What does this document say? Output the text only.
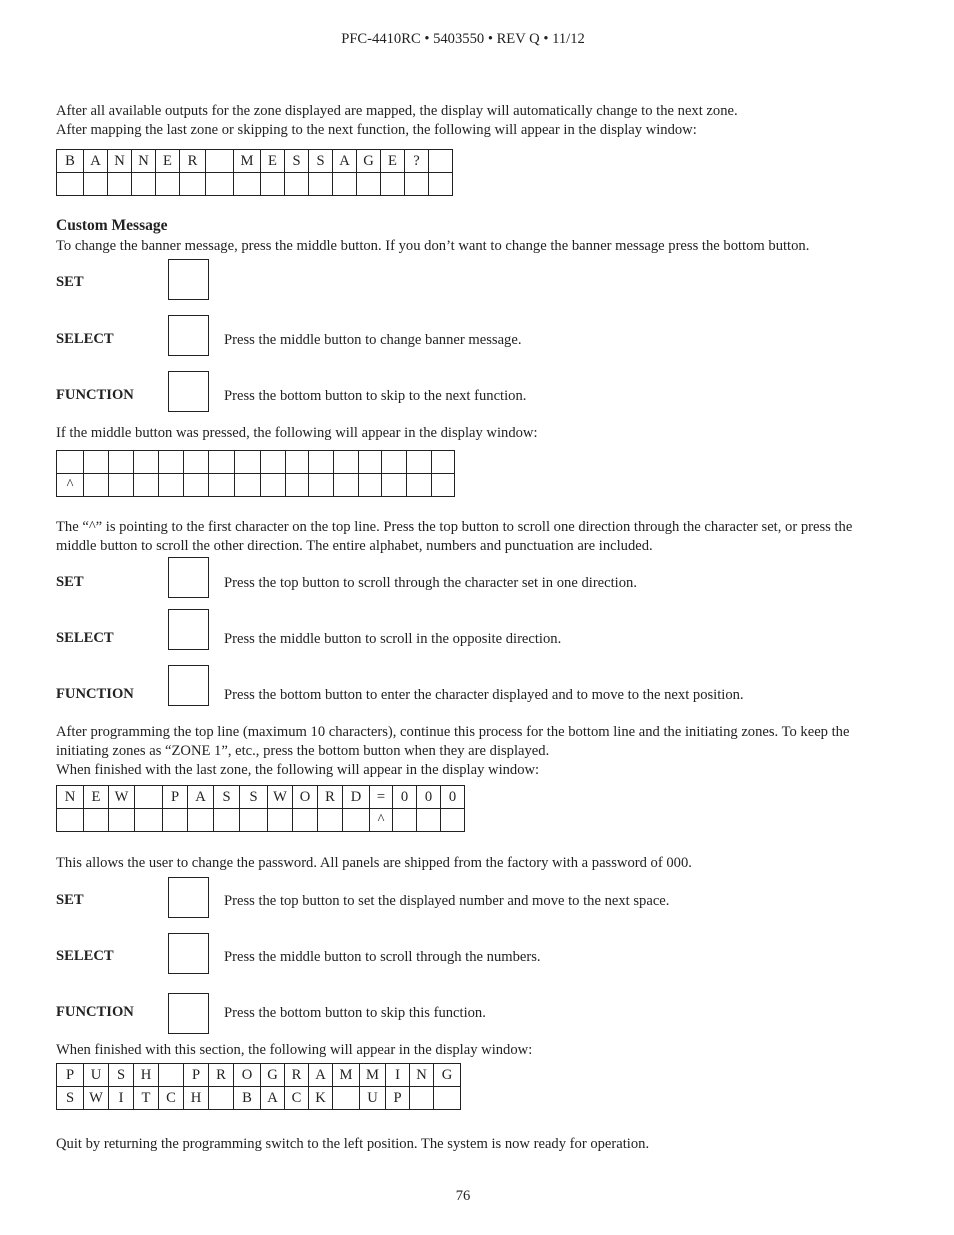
PFC-4410RC • 5403550 • REV Q • 11/12
After all available outputs for the zone displayed are mapped, the display will automatically change to the next zone.
After mapping the last zone or skipping to the next function, the following will appear in the display window:
B	A	N	N	E	R		M	E	S	S	A	G	E	?	

Custom Message
To change the banner message, press the middle button. If you don’t want to change the banner message press the bottom button.
SET
SELECT	Press the middle button to change banner message.
FUNCTION	Press the bottom button to skip to the next function.
If the middle button was pressed, the following will appear in the display window:

^															
The “^” is pointing to the first character on the top line. Press the top button to scroll one direction through the character set, or press the middle button to scroll the other direction. The entire alphabet, numbers and punctuation are included.
SET	Press the top button to scroll through the character set in one direction.
SELECT	Press the middle button to scroll in the opposite direction.
FUNCTION	Press the bottom button to enter the character displayed and to move to the next position.
After programming the top line (maximum 10 characters), continue this process for the bottom line and the initiating zones. To keep the initiating zones as “ZONE 1”, etc., press the bottom button when they are displayed.
When finished with the last zone, the following will appear in the display window:
N	E	W		P	A	S	S	W	O	R	D	=	0	0	0
												^			
This allows the user to change the password. All panels are shipped from the factory with a password of 000.
SET	Press the top button to set the displayed number and move to the next space.
SELECT	Press the middle button to scroll through the numbers.
FUNCTION	Press the bottom button to skip this function.
When finished with this section, the following will appear in the display window:
P	U	S	H		P	R	O	G	R	A	M	M	I	N	G
S	W	I	T	C	H		B	A	C	K		U	P		
Quit by returning the programming switch to the left position. The system is now ready for operation.
76
